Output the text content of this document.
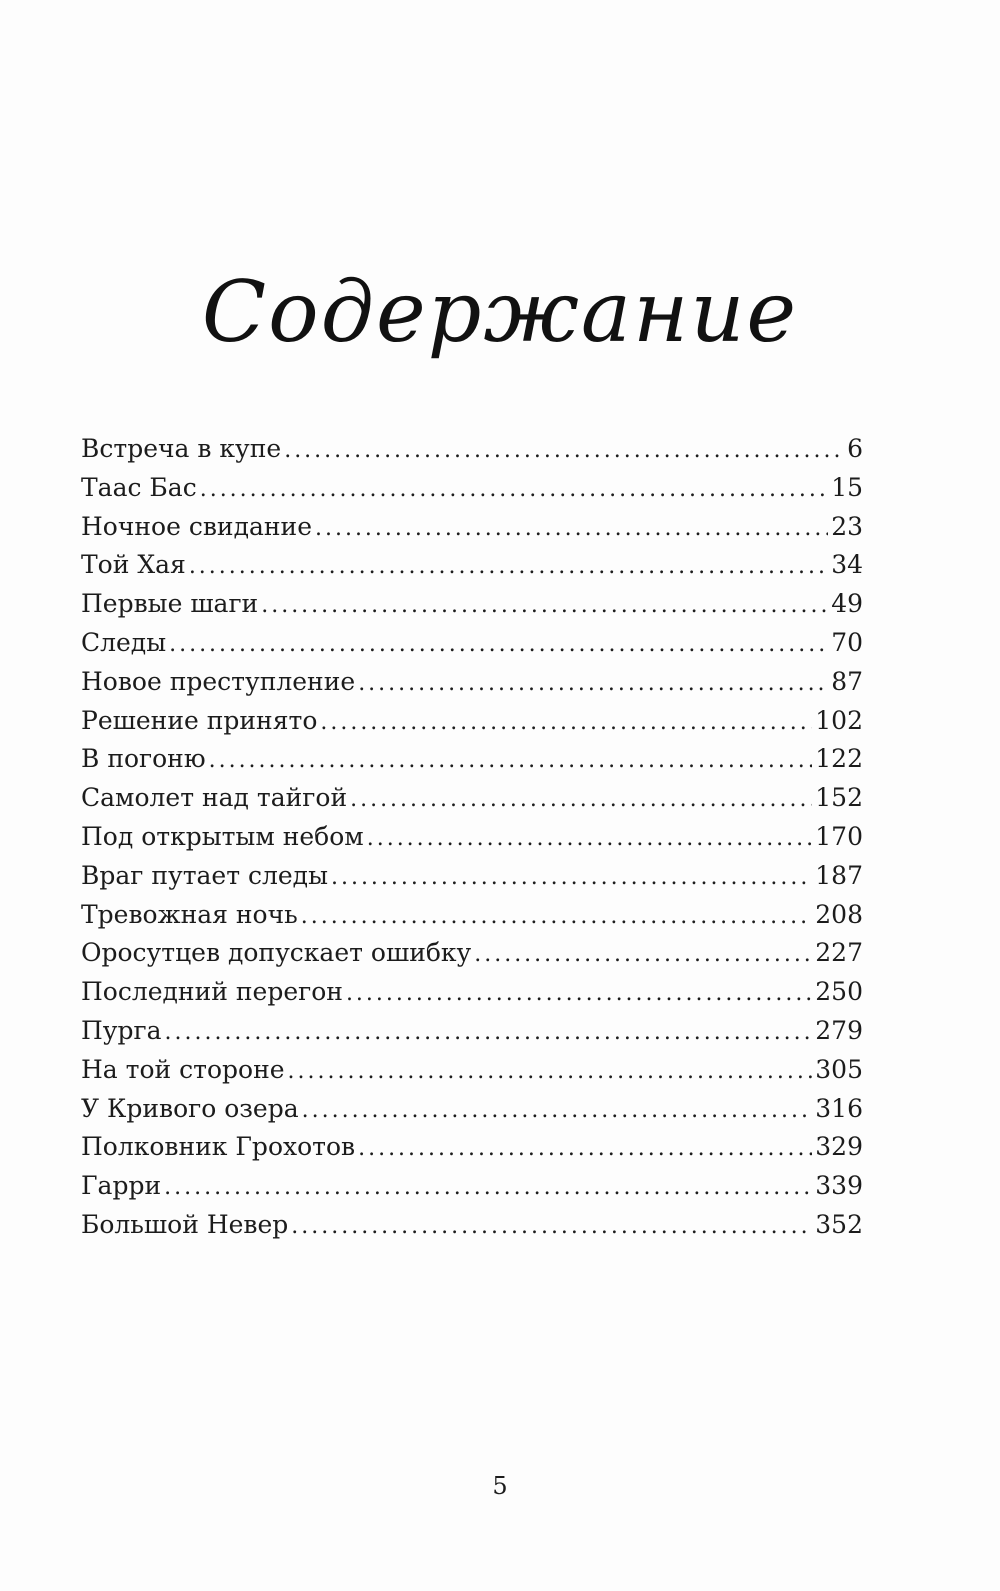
Содержание
Встреча в купе . . .	6
Таас Бас . . .	15
Ночное свидание . . .	23
Той Хая . . .	34
Первые шаги . . .	49
Следы . . .	70
Новое преступление . . .	87
Решение принято . . .	102
В погоню . . .	122
Самолет над тайгой . . .	152
Под открытым небом . . .	170
Враг путает следы . . .	187
Тревожная ночь . . .	208
Оросутцев допускает ошибку . . .	227
Последний перегон . . .	250
Пурга . . .	279
На той стороне . . .	305
У Кривого озера . . .	316
Полковник Грохотов . . .	329
Гарри . . .	339
Большой Невер . . .	352
5
